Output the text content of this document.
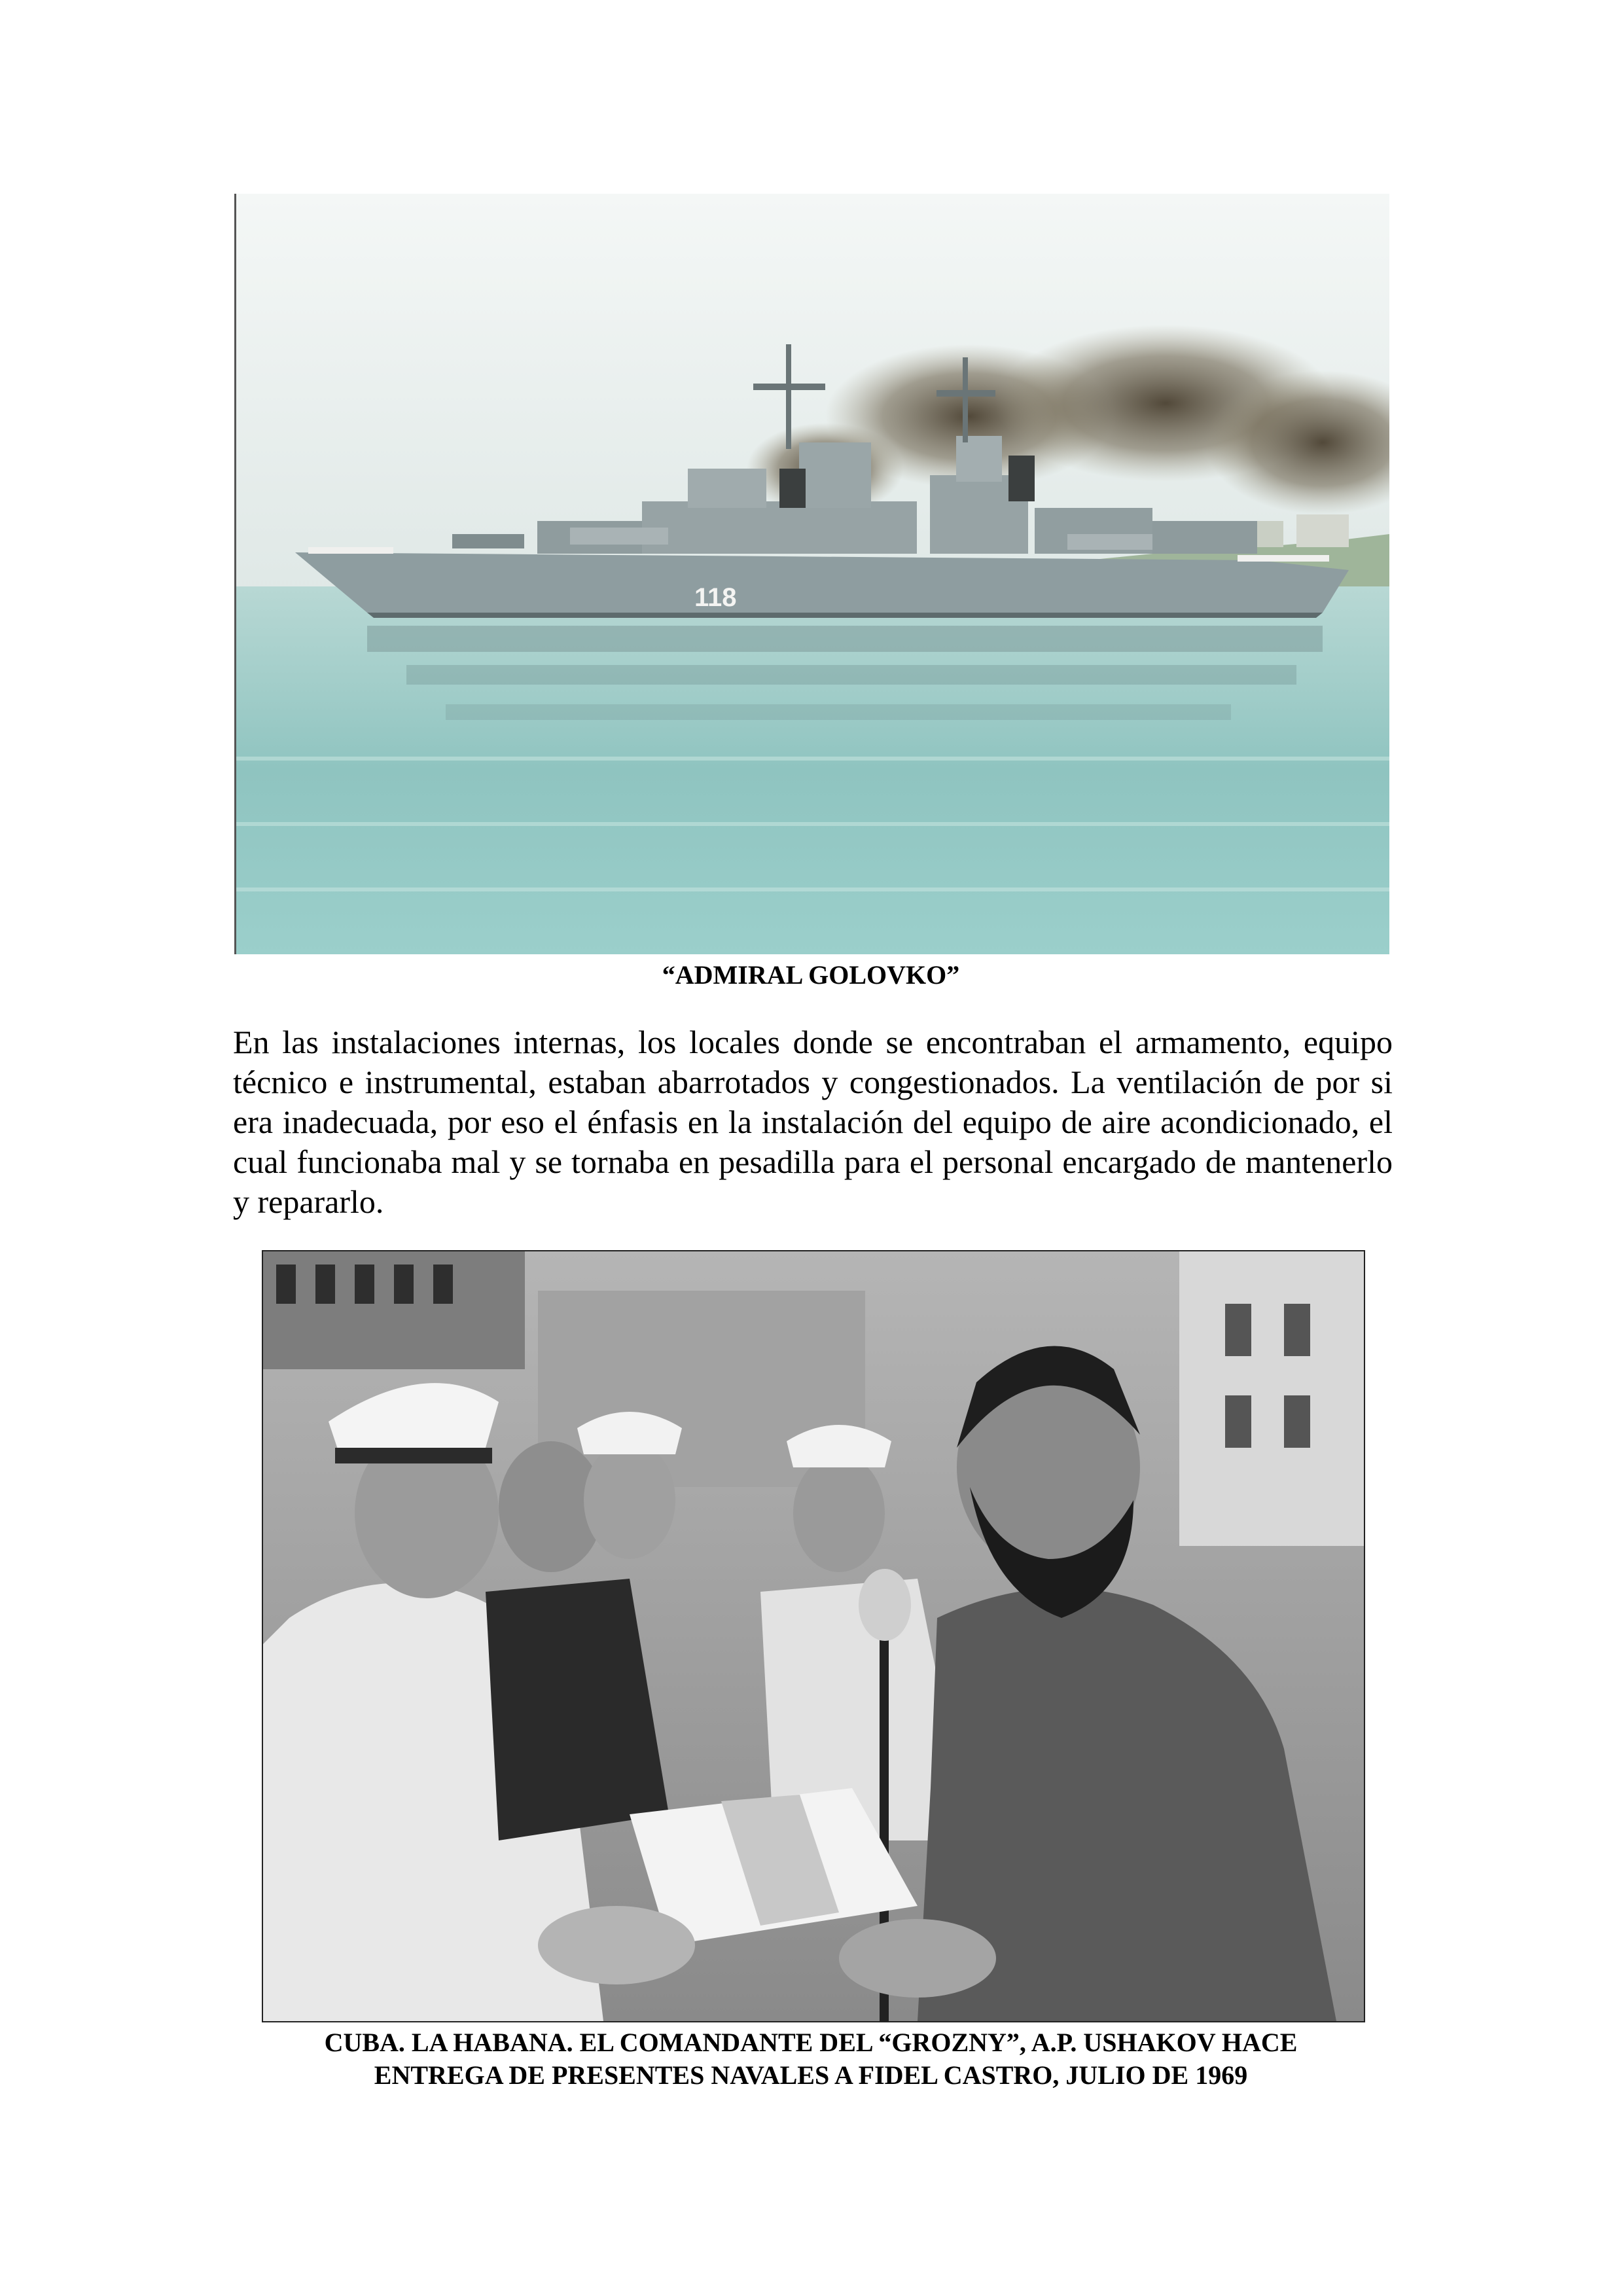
118
“ADMIRAL GOLOVKO”
En las instalaciones internas, los locales donde se encontraban el armamento, equipo técnico e instrumental, estaban abarrotados y congestionados. La ventilación de por si era inadecuada, por eso el énfasis en la instalación del equipo de aire acondicionado, el cual funcionaba mal y se tornaba en pesadilla para el personal encargado de mantenerlo y repararlo.
CUBA. LA HABANA. EL COMANDANTE DEL “GROZNY”, A.P. USHAKOV HACE
ENTREGA DE PRESENTES NAVALES A FIDEL CASTRO, JULIO DE 1969
